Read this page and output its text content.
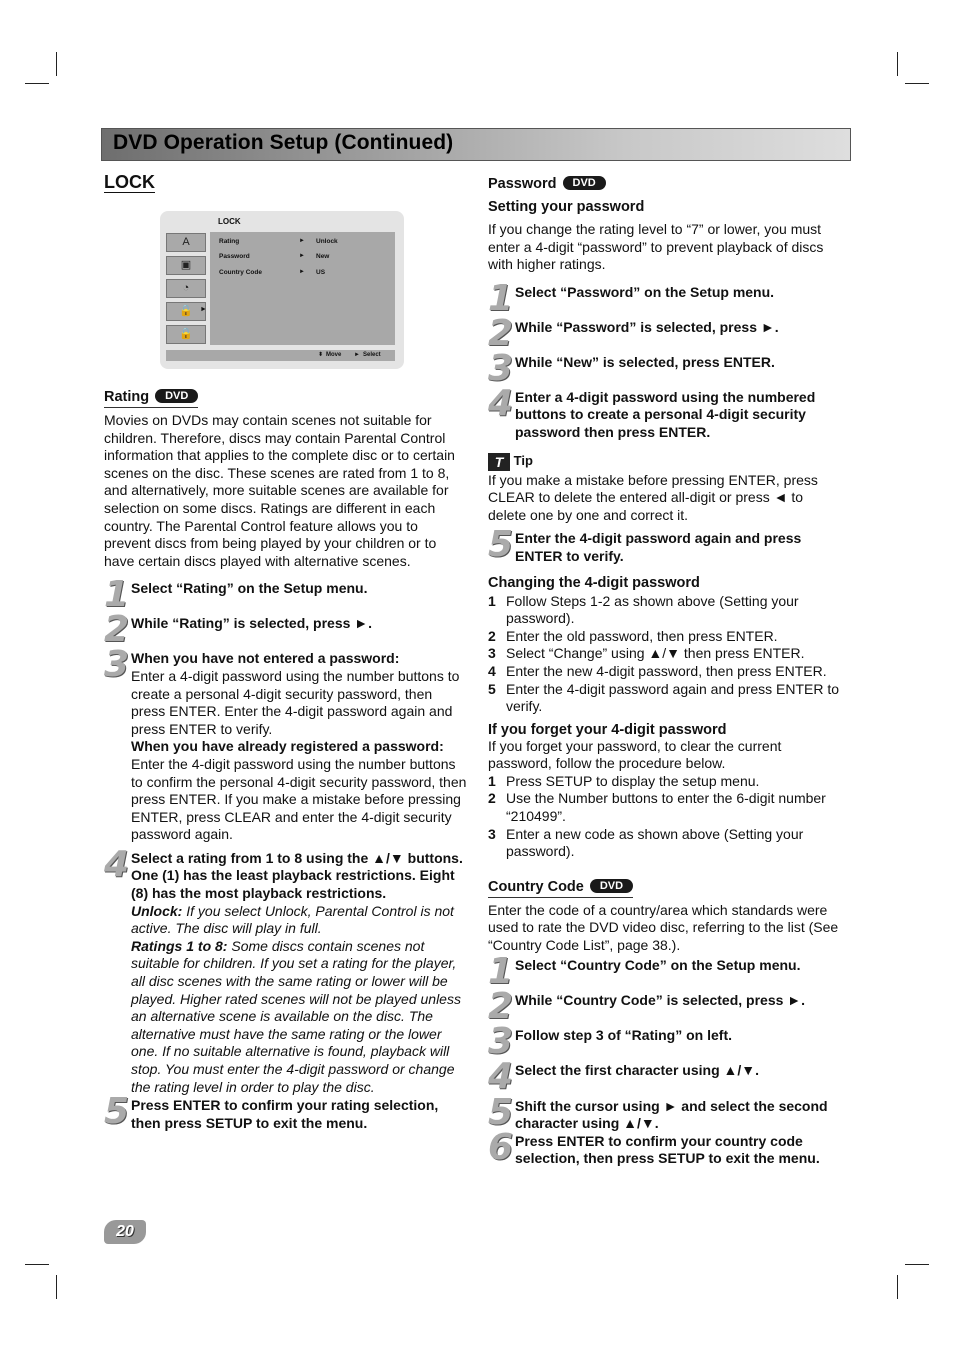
DVD Operation Setup (Continued)
LOCK
LOCK
A
▣
◔
🔒	►
🔒
Rating	► Unlock
Password	► New
Country Code	► US
⬍ Move ► Select
Rating DVD

Movies on DVDs may contain scenes not suitable for children. Therefore, discs may contain Parental Control information that applies to the complete disc or to certain scenes on the disc. These scenes are rated from 1 to 8, and alternatively, more suitable scenes are available for selection on some discs. Ratings are different in each country. The Parental Control feature allows you to prevent discs from being played by your children or to have certain discs played with alternative scenes.

1 Select “Rating” on the Setup menu.
2 While “Rating” is selected, press ►.
3 When you have not entered a password:
Enter a 4-digit password using the number buttons to create a personal 4-digit security password, then press ENTER. Enter the 4-digit password again and press ENTER to verify.
When you have already registered a password:
Enter the 4-digit password using the number buttons to confirm the personal 4-digit security password, then press ENTER. If you make a mistake before pressing ENTER, press CLEAR and enter the 4-digit security password again.
4 Select a rating from 1 to 8 using the ▲/▼ buttons. One (1) has the least playback restrictions. Eight (8) has the most playback restrictions.
Unlock: If you select Unlock, Parental Control is not active. The disc will play in full.
Ratings 1 to 8: Some discs contain scenes not suitable for children. If you set a rating for the player, all disc scenes with the same rating or lower will be played. Higher rated scenes will not be played unless an alternative scene is available on the disc. The alternative must have the same rating or the lower one. If no suitable alternative is found, playback will stop. You must enter the 4-digit password or change the rating level in order to play the disc.
5 Press ENTER to confirm your rating selection, then press SETUP to exit the menu.
Password DVD
Setting your password

If you change the rating level to “7” or lower, you must enter a 4-digit “password” to prevent playback of discs with higher ratings.

1 Select “Password” on the Setup menu.
2 While “Password” is selected, press ►.
3 While “New” is selected, press ENTER.
4 Enter a 4-digit password using the numbered buttons to create a personal 4-digit security password then press ENTER.
T Tip

If you make a mistake before pressing ENTER, press CLEAR to delete the entered all-digit or press ◄ to delete one by one and correct it.

5 Enter the 4-digit password again and press ENTER to verify.
Changing the 4-digit password
1 Follow Steps 1-2 as shown above (Setting your password).
2 Enter the old password, then press ENTER.
3 Select “Change” using ▲/▼ then press ENTER.
4 Enter the new 4-digit password, then press ENTER.
5 Enter the 4-digit password again and press ENTER to verify.
If you forget your 4-digit password

If you forget your password, to clear the current password, follow the procedure below.

1 Press SETUP to display the setup menu.
2 Use the Number buttons to enter the 6-digit number “210499”.
3 Enter a new code as shown above (Setting your password).
Country Code DVD

Enter the code of a country/area which standards were used to rate the DVD video disc, referring to the list (See “Country Code List”, page 38.).

1 Select “Country Code” on the Setup menu.
2 While “Country Code” is selected, press ►.
3 Follow step 3 of “Rating” on left.
4 Select the first character using ▲/▼.
5 Shift the cursor using ► and select the second character using ▲/▼.
6 Press ENTER to confirm your country code selection, then press SETUP to exit the menu.
20
